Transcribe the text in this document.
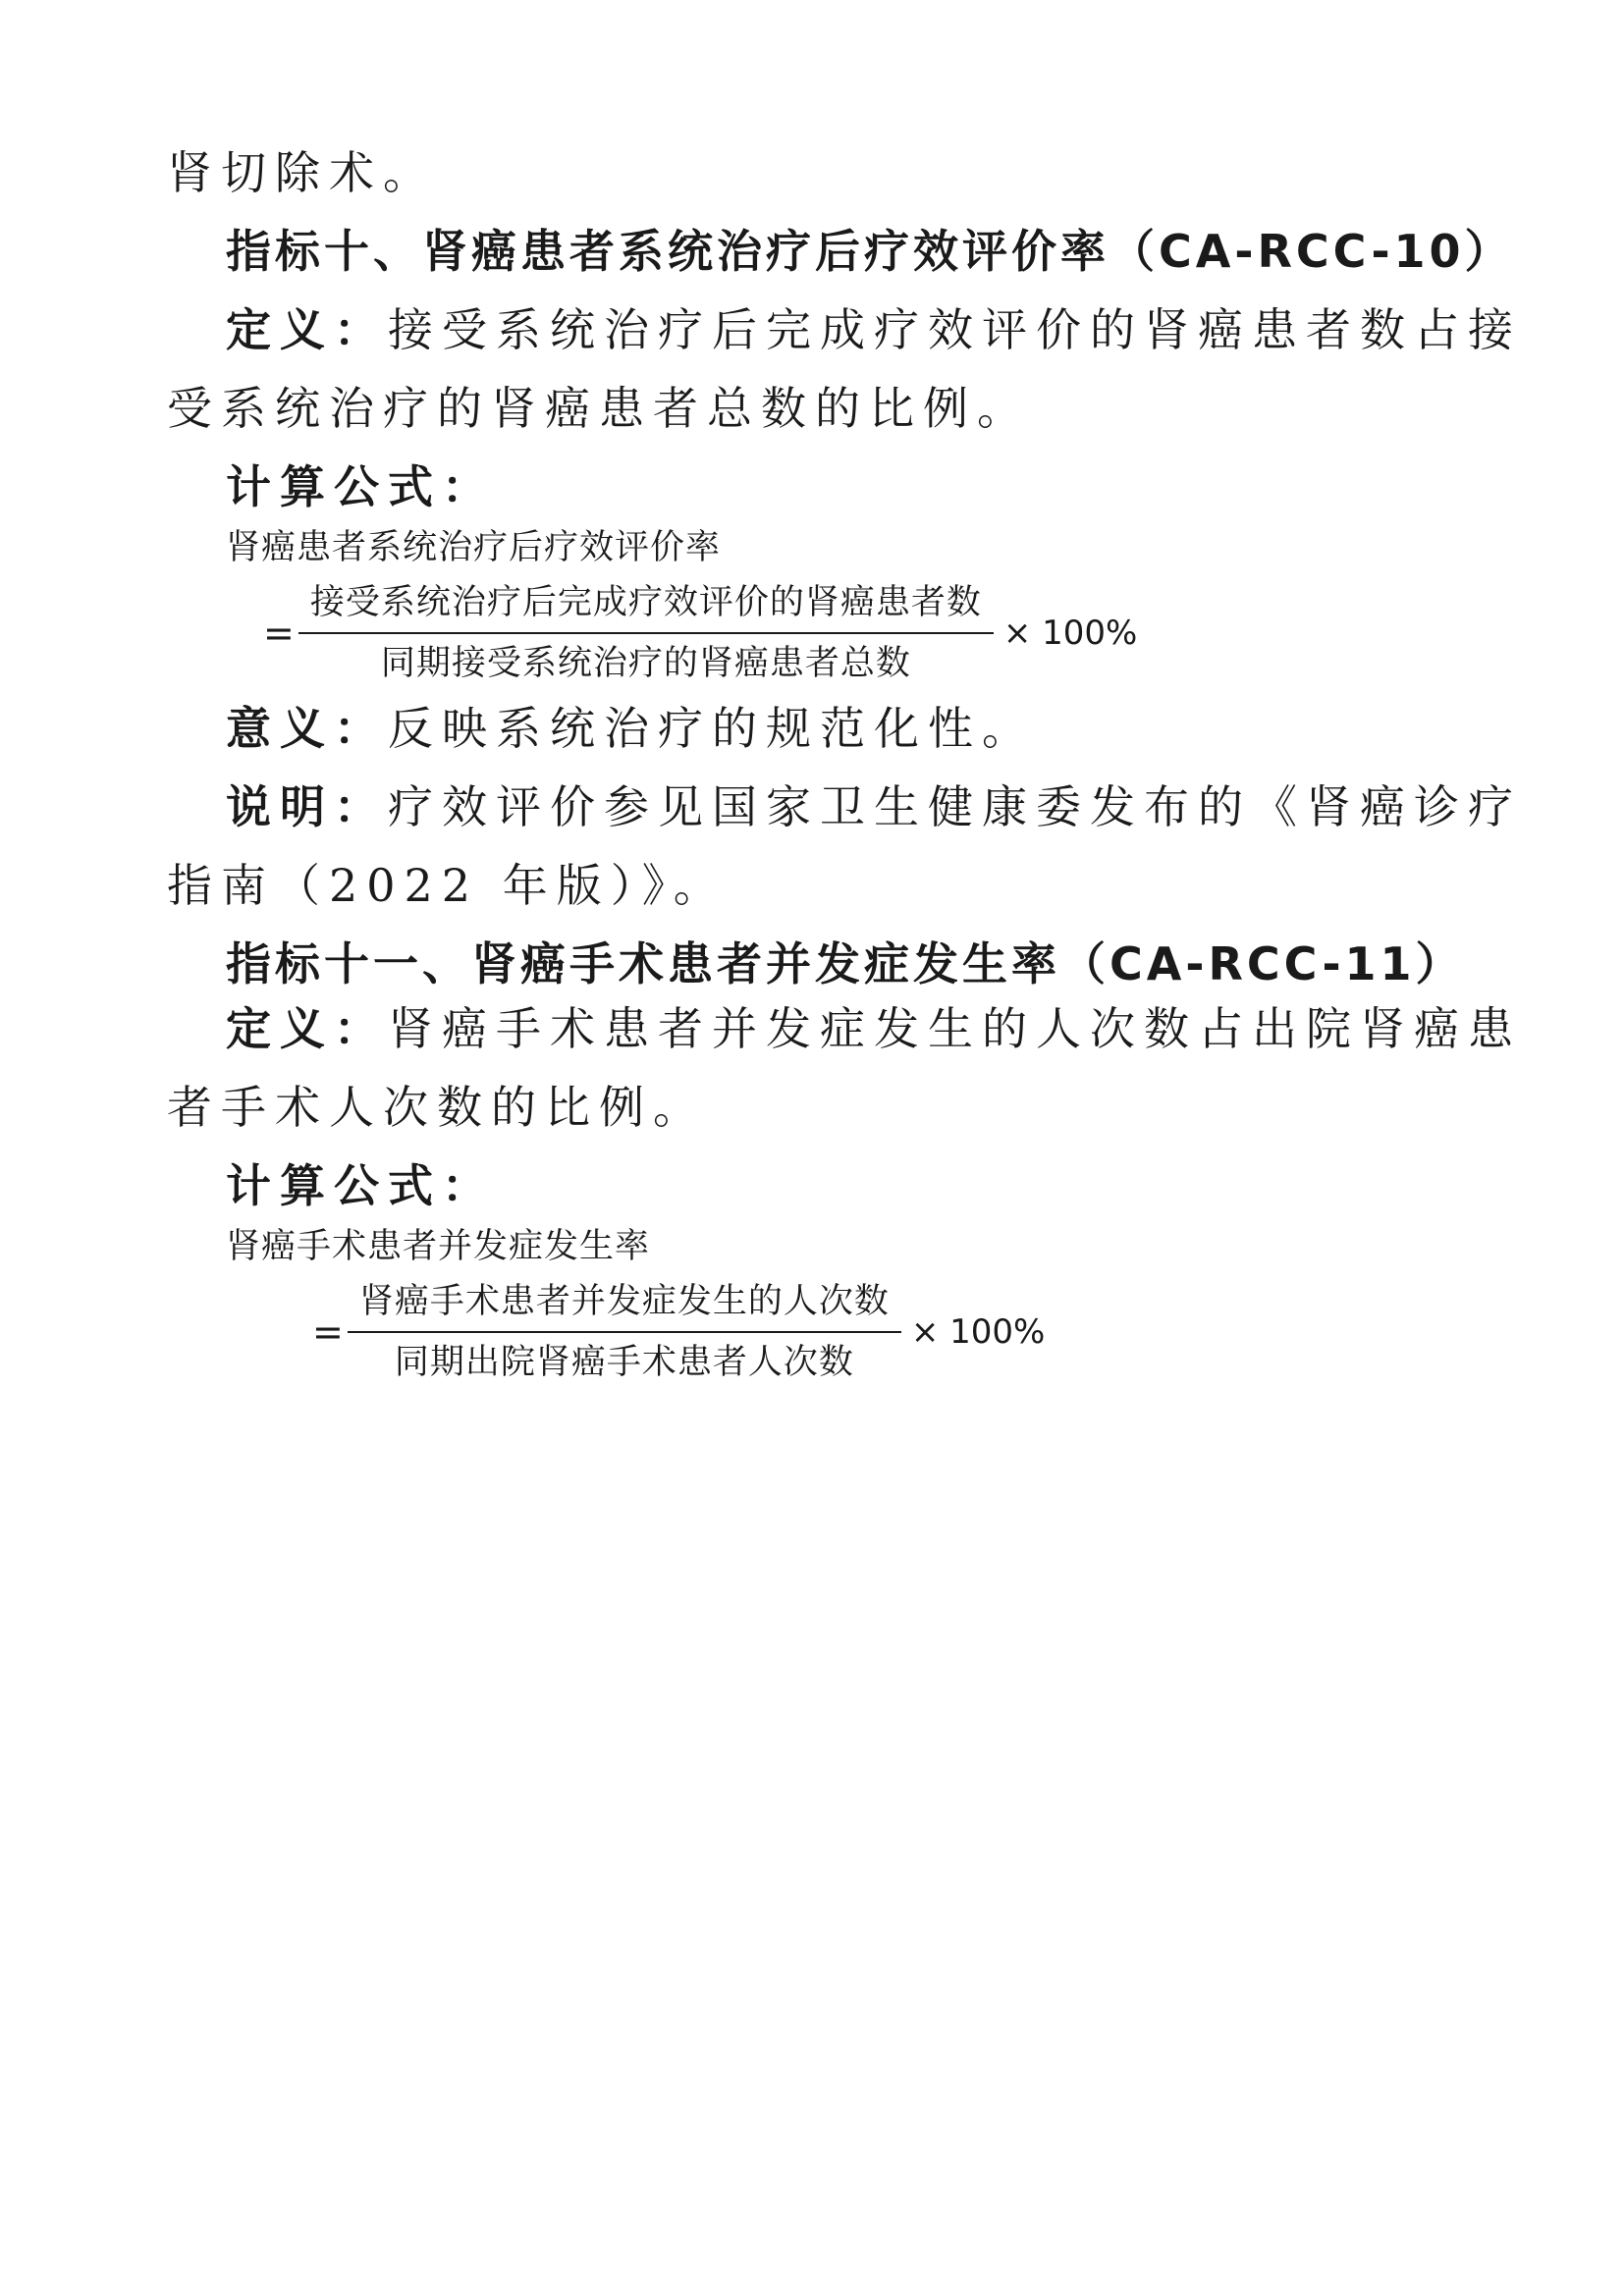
肾切除术。
指标十、肾癌患者系统治疗后疗效评价率（CA-RCC-10）
定义：接受系统治疗后完成疗效评价的肾癌患者数占接
受系统治疗的肾癌患者总数的比例。
计算公式：
肾癌患者系统治疗后疗效评价率
= $\frac{\text{接受系统治疗后完成疗效评价的肾癌患者数}}{\text{同期接受系统治疗的肾癌患者总数}} \times 100\%$
意义：反映系统治疗的规范化性。
说明：疗效评价参见国家卫生健康委发布的《肾癌诊疗
指南（2022 年版）》。
指标十一、肾癌手术患者并发症发生率（CA-RCC-11）
定义：肾癌手术患者并发症发生的人次数占出院肾癌患
者手术人次数的比例。
计算公式：
肾癌手术患者并发症发生率
= $\frac{\text{肾癌手术患者并发症发生的人次数}}{\text{同期出院肾癌手术患者人次数}} \times 100\%$
